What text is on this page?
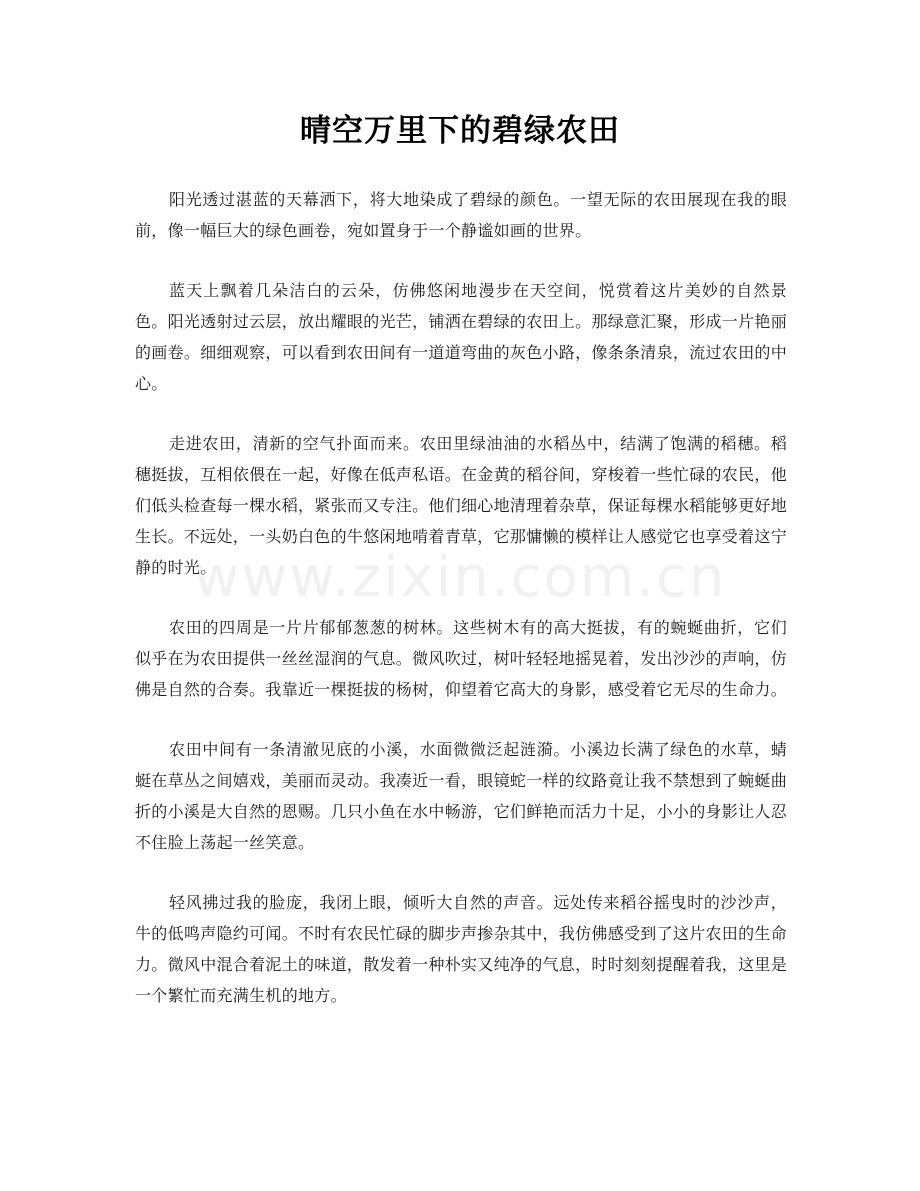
晴空万里下的碧绿农田

阳光透过湛蓝的天幕洒下，将大地染成了碧绿的颜色。一望无际的农田展现在我的眼前，像一幅巨大的绿色画卷，宛如置身于一个静谧如画的世界。

蓝天上飘着几朵洁白的云朵，仿佛悠闲地漫步在天空间，悦赏着这片美妙的自然景色。阳光透射过云层，放出耀眼的光芒，铺洒在碧绿的农田上。那绿意汇聚，形成一片艳丽的画卷。细细观察，可以看到农田间有一道道弯曲的灰色小路，像条条清泉，流过农田的中心。

走进农田，清新的空气扑面而来。农田里绿油油的水稻丛中，结满了饱满的稻穗。稻穗挺拔，互相依偎在一起，好像在低声私语。在金黄的稻谷间，穿梭着一些忙碌的农民，他们低头检查每一棵水稻，紧张而又专注。他们细心地清理着杂草，保证每棵水稻能够更好地生长。不远处，一头奶白色的牛悠闲地啃着青草，它那慵懒的模样让人感觉它也享受着这宁静的时光。

农田的四周是一片片郁郁葱葱的树林。这些树木有的高大挺拔，有的蜿蜒曲折，它们似乎在为农田提供一丝丝湿润的气息。微风吹过，树叶轻轻地摇晃着，发出沙沙的声响，仿佛是自然的合奏。我靠近一棵挺拔的杨树，仰望着它高大的身影，感受着它无尽的生命力。

农田中间有一条清澈见底的小溪，水面微微泛起涟漪。小溪边长满了绿色的水草，蜻蜓在草丛之间嬉戏，美丽而灵动。我凑近一看，眼镜蛇一样的纹路竟让我不禁想到了蜿蜒曲折的小溪是大自然的恩赐。几只小鱼在水中畅游，它们鲜艳而活力十足，小小的身影让人忍不住脸上荡起一丝笑意。

轻风拂过我的脸庞，我闭上眼，倾听大自然的声音。远处传来稻谷摇曳时的沙沙声，牛的低鸣声隐约可闻。不时有农民忙碌的脚步声掺杂其中，我仿佛感受到了这片农田的生命力。微风中混合着泥土的味道，散发着一种朴实又纯净的气息，时时刻刻提醒着我，这里是一个繁忙而充满生机的地方。

www.zixin.com.cn
